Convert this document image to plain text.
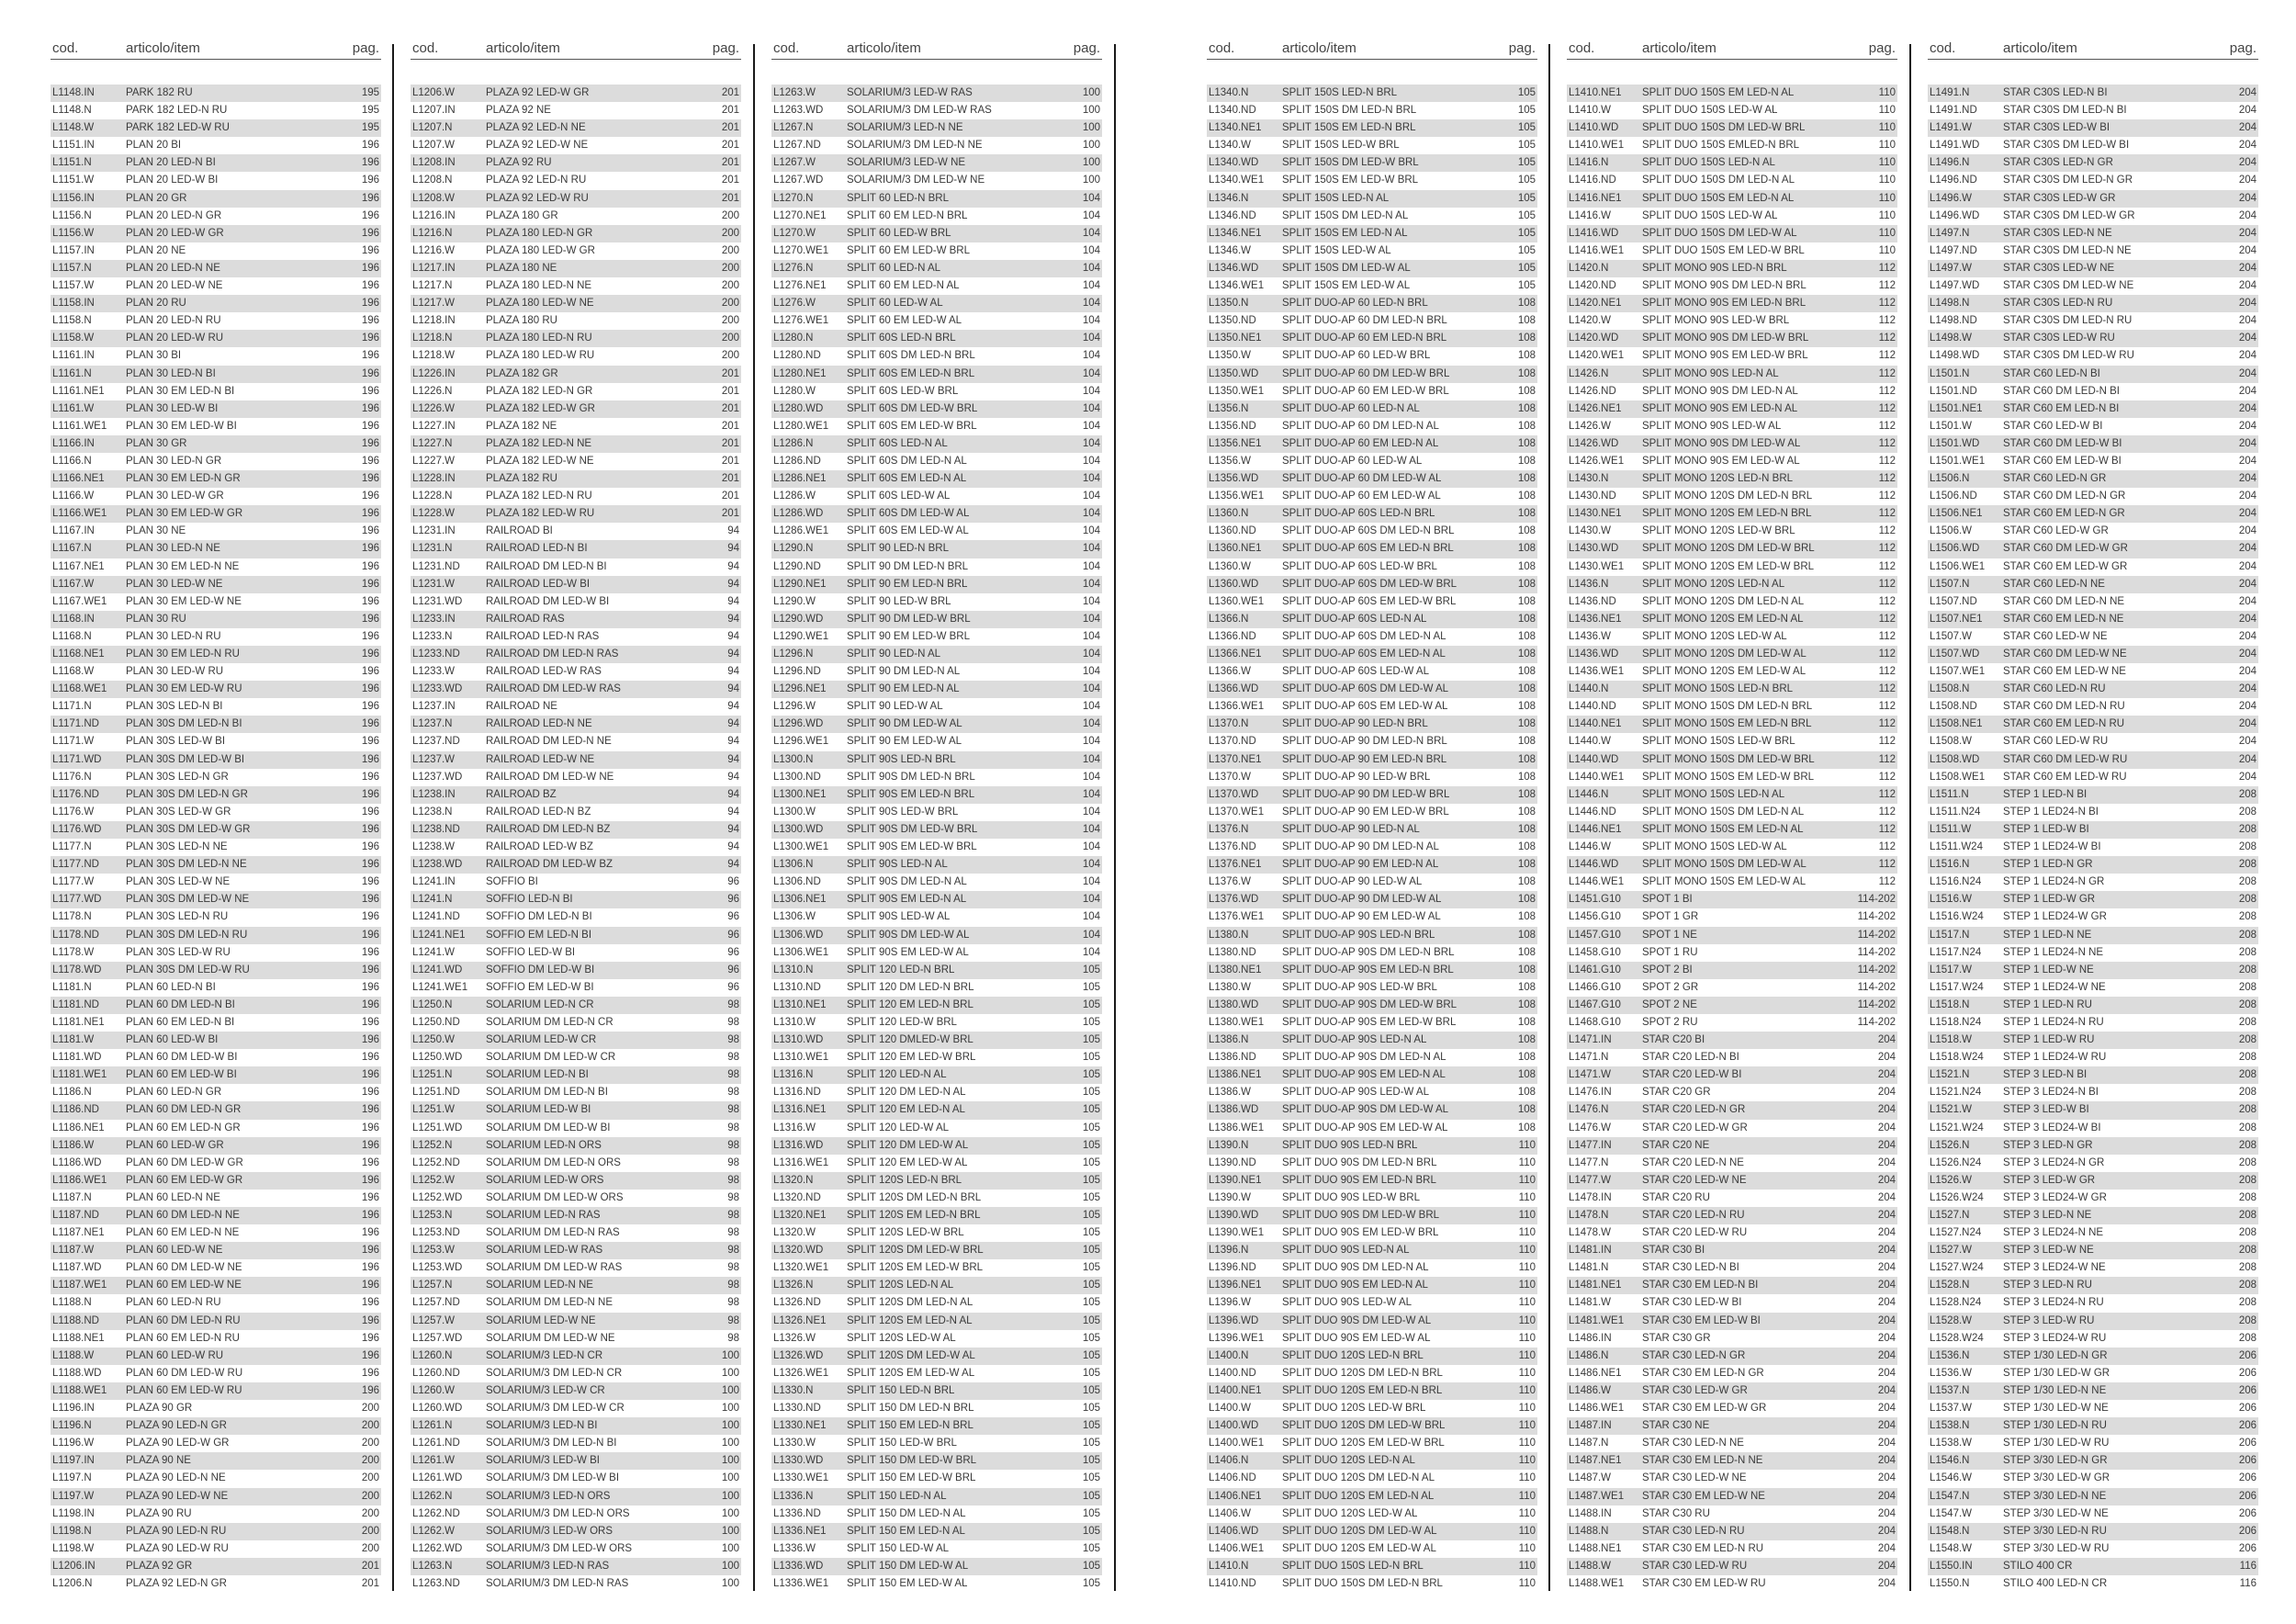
cod.	articolo/item	pag.
L1148.IN	PARK 182 RU	195
L1148.N	PARK 182 LED-N RU	195
L1148.W	PARK 182 LED-W RU	195
L1151.IN	PLAN 20 BI	196
L1151.N	PLAN 20 LED-N BI	196
L1151.W	PLAN 20 LED-W BI	196
L1156.IN	PLAN 20 GR	196
L1156.N	PLAN 20 LED-N GR	196
L1156.W	PLAN 20 LED-W GR	196
L1157.IN	PLAN 20 NE	196
L1157.N	PLAN 20 LED-N NE	196
L1157.W	PLAN 20 LED-W NE	196
L1158.IN	PLAN 20 RU	196
L1158.N	PLAN 20 LED-N RU	196
L1158.W	PLAN 20 LED-W RU	196
L1161.IN	PLAN 30 BI	196
L1161.N	PLAN 30 LED-N BI	196
L1161.NE1 PLAN 30 EM LED-N BI	196
L1161.W	PLAN 30 LED-W BI	196
L1161.WE1 PLAN 30 EM LED-W BI	196
L1166.IN	PLAN 30 GR	196
L1166.N	PLAN 30 LED-N GR	196
L1166.NE1 PLAN 30 EM LED-N GR	196
L1166.W	PLAN 30 LED-W GR	196
L1166.WE1 PLAN 30 EM LED-W GR	196
L1167.IN	PLAN 30 NE	196
L1167.N	PLAN 30 LED-N NE	196
L1167.NE1 PLAN 30 EM LED-N NE	196
L1167.W	PLAN 30 LED-W NE	196
L1167.WE1 PLAN 30 EM LED-W NE	196
L1168.IN	PLAN 30 RU	196
L1168.N	PLAN 30 LED-N RU	196
L1168.NE1 PLAN 30 EM LED-N RU	196
L1168.W	PLAN 30 LED-W RU	196
L1168.WE1 PLAN 30 EM LED-W RU	196
L1171.N	PLAN 30S LED-N BI	196
L1171.ND	PLAN 30S DM LED-N BI	196
L1171.W	PLAN 30S LED-W BI	196
L1171.WD PLAN 30S DM LED-W BI	196
L1176.N	PLAN 30S LED-N GR	196
L1176.ND	PLAN 30S DM LED-N GR	196
L1176.W	PLAN 30S LED-W GR	196
L1176.WD PLAN 30S DM LED-W GR	196
L1177.N	PLAN 30S LED-N NE	196
L1177.ND	PLAN 30S DM LED-N NE	196
L1177.W	PLAN 30S LED-W NE	196
L1177.WD PLAN 30S DM LED-W NE	196
L1178.N	PLAN 30S LED-N RU	196
L1178.ND	PLAN 30S DM LED-N RU	196
L1178.W	PLAN 30S LED-W RU	196
L1178.WD PLAN 30S DM LED-W RU	196
L1181.N	PLAN 60 LED-N BI	196
L1181.ND	PLAN 60 DM LED-N BI	196
L1181.NE1 PLAN 60 EM LED-N BI	196
L1181.W	PLAN 60 LED-W BI	196
L1181.WD PLAN 60 DM LED-W BI	196
L1181.WE1 PLAN 60 EM LED-W BI	196
L1186.N	PLAN 60 LED-N GR	196
L1186.ND	PLAN 60 DM LED-N GR	196
L1186.NE1 PLAN 60 EM LED-N GR	196
L1186.W	PLAN 60 LED-W GR	196
L1186.WD PLAN 60 DM LED-W GR	196
L1186.WE1 PLAN 60 EM LED-W GR	196
L1187.N	PLAN 60 LED-N NE	196
L1187.ND	PLAN 60 DM LED-N NE	196
L1187.NE1 PLAN 60 EM LED-N NE	196
L1187.W	PLAN 60 LED-W NE	196
L1187.WD PLAN 60 DM LED-W NE	196
L1187.WE1 PLAN 60 EM LED-W NE	196
L1188.N	PLAN 60 LED-N RU	196
L1188.ND	PLAN 60 DM LED-N RU	196
L1188.NE1 PLAN 60 EM LED-N RU	196
L1188.W	PLAN 60 LED-W RU	196
L1188.WD PLAN 60 DM LED-W RU	196
L1188.WE1 PLAN 60 EM LED-W RU	196
L1196.IN	PLAZA 90 GR	200
L1196.N	PLAZA 90 LED-N GR	200
L1196.W	PLAZA 90 LED-W GR	200
L1197.IN	PLAZA 90 NE	200
L1197.N	PLAZA 90 LED-N NE	200
L1197.W	PLAZA 90 LED-W NE	200
L1198.IN	PLAZA 90 RU	200
L1198.N	PLAZA 90 LED-N RU	200
L1198.W	PLAZA 90 LED-W RU	200
L1206.IN	PLAZA 92 GR	201
L1206.N	PLAZA 92 LED-N GR	201
cod.	articolo/item	pag.
L1206.W	PLAZA 92 LED-W GR	201
L1207.IN	PLAZA 92 NE	201
L1207.N	PLAZA 92 LED-N NE	201
L1207.W	PLAZA 92 LED-W NE	201
L1208.IN	PLAZA 92 RU	201
L1208.N	PLAZA 92 LED-N RU	201
L1208.W	PLAZA 92 LED-W RU	201
L1216.IN	PLAZA 180 GR	200
L1216.N	PLAZA 180 LED-N GR	200
L1216.W	PLAZA 180 LED-W GR	200
L1217.IN	PLAZA 180 NE	200
L1217.N	PLAZA 180 LED-N NE	200
L1217.W	PLAZA 180 LED-W NE	200
L1218.IN	PLAZA 180 RU	200
L1218.N	PLAZA 180 LED-N RU	200
L1218.W	PLAZA 180 LED-W RU	200
L1226.IN	PLAZA 182 GR	201
L1226.N	PLAZA 182 LED-N GR	201
L1226.W	PLAZA 182 LED-W GR	201
L1227.IN	PLAZA 182 NE	201
L1227.N	PLAZA 182 LED-N NE	201
L1227.W	PLAZA 182 LED-W NE	201
L1228.IN	PLAZA 182 RU	201
L1228.N	PLAZA 182 LED-N RU	201
L1228.W	PLAZA 182 LED-W RU	201
L1231.IN	RAILROAD BI	94
L1231.N	RAILROAD LED-N BI	94
L1231.ND RAILROAD DM LED-N BI	94
L1231.W	RAILROAD LED-W BI	94
L1231.WD RAILROAD DM LED-W BI	94
L1233.IN	RAILROAD RAS	94
L1233.N	RAILROAD LED-N RAS	94
L1233.ND RAILROAD DM LED-N RAS	94
L1233.W	RAILROAD LED-W RAS	94
L1233.WD RAILROAD DM LED-W RAS	94
L1237.IN	RAILROAD NE	94
L1237.N	RAILROAD LED-N NE	94
L1237.ND RAILROAD DM LED-N NE	94
L1237.W	RAILROAD LED-W NE	94
L1237.WD RAILROAD DM LED-W NE	94
L1238.IN	RAILROAD BZ	94
L1238.N	RAILROAD LED-N BZ	94
L1238.ND RAILROAD DM LED-N BZ	94
L1238.W	RAILROAD LED-W BZ	94
L1238.WD RAILROAD DM LED-W BZ	94
L1241.IN	SOFFIO BI	96
L1241.N	SOFFIO LED-N BI	96
L1241.ND SOFFIO DM LED-N BI	96
L1241.NE1 SOFFIO EM LED-N BI	96
L1241.W	SOFFIO LED-W BI	96
L1241.WD SOFFIO DM LED-W BI	96
L1241.WE1 SOFFIO EM LED-W BI	96
L1250.N	SOLARIUM LED-N CR	98
L1250.ND SOLARIUM DM LED-N CR	98
L1250.W	SOLARIUM LED-W CR	98
L1250.WD SOLARIUM DM LED-W CR	98
L1251.N	SOLARIUM LED-N BI	98
L1251.ND SOLARIUM DM LED-N BI	98
L1251.W	SOLARIUM LED-W BI	98
L1251.WD SOLARIUM DM LED-W BI	98
L1252.N	SOLARIUM LED-N ORS	98
L1252.ND SOLARIUM DM LED-N ORS	98
L1252.W	SOLARIUM LED-W ORS	98
L1252.WD SOLARIUM DM LED-W ORS	98
L1253.N	SOLARIUM LED-N RAS	98
L1253.ND SOLARIUM DM LED-N RAS	98
L1253.W	SOLARIUM LED-W RAS	98
L1253.WD SOLARIUM DM LED-W RAS	98
L1257.N	SOLARIUM LED-N NE	98
L1257.ND SOLARIUM DM LED-N NE	98
L1257.W	SOLARIUM LED-W NE	98
L1257.WD SOLARIUM DM LED-W NE	98
L1260.N	SOLARIUM/3 LED-N CR	100
L1260.ND SOLARIUM/3 DM LED-N CR	100
L1260.W	SOLARIUM/3 LED-W CR	100
L1260.WD SOLARIUM/3 DM LED-W CR	100
L1261.N	SOLARIUM/3 LED-N BI	100
L1261.ND SOLARIUM/3 DM LED-N BI	100
L1261.W	SOLARIUM/3 LED-W BI	100
L1261.WD SOLARIUM/3 DM LED-W BI	100
L1262.N	SOLARIUM/3 LED-N ORS	100
L1262.ND SOLARIUM/3 DM LED-N ORS	100
L1262.W	SOLARIUM/3 LED-W ORS	100
L1262.WD SOLARIUM/3 DM LED-W ORS	100
L1263.N	SOLARIUM/3 LED-N RAS	100
L1263.ND SOLARIUM/3 DM LED-N RAS	100
cod.	articolo/item	pag.
L1263.W	SOLARIUM/3 LED-W RAS	100
L1263.WD SOLARIUM/3 DM LED-W RAS	100
L1267.N	SOLARIUM/3 LED-N NE	100
L1267.ND SOLARIUM/3 DM LED-N NE	100
L1267.W	SOLARIUM/3 LED-W NE	100
L1267.WD SOLARIUM/3 DM LED-W NE	100
L1270.N	SPLIT 60 LED-N BRL	104
L1270.NE1 SPLIT 60 EM LED-N BRL	104
L1270.W	SPLIT 60 LED-W BRL	104
L1270.WE1 SPLIT 60 EM LED-W BRL	104
L1276.N	SPLIT 60 LED-N AL	104
L1276.NE1 SPLIT 60 EM LED-N AL	104
L1276.W	SPLIT 60 LED-W AL	104
L1276.WE1 SPLIT 60 EM LED-W AL	104
L1280.N	SPLIT 60S LED-N BRL	104
L1280.ND SPLIT 60S DM LED-N BRL	104
L1280.NE1 SPLIT 60S EM LED-N BRL	104
L1280.W	SPLIT 60S LED-W BRL	104
L1280.WD SPLIT 60S DM LED-W BRL	104
L1280.WE1 SPLIT 60S EM LED-W BRL	104
L1286.N	SPLIT 60S LED-N AL	104
L1286.ND SPLIT 60S DM LED-N AL	104
L1286.NE1 SPLIT 60S EM LED-N AL	104
L1286.W	SPLIT 60S LED-W AL	104
L1286.WD SPLIT 60S DM LED-W AL	104
L1286.WE1 SPLIT 60S EM LED-W AL	104
L1290.N	SPLIT 90 LED-N BRL	104
L1290.ND SPLIT 90 DM LED-N BRL	104
L1290.NE1 SPLIT 90 EM LED-N BRL	104
L1290.W	SPLIT 90 LED-W BRL	104
L1290.WD SPLIT 90 DM LED-W BRL	104
L1290.WE1 SPLIT 90 EM LED-W BRL	104
L1296.N	SPLIT 90 LED-N AL	104
L1296.ND SPLIT 90 DM LED-N AL	104
L1296.NE1 SPLIT 90 EM LED-N AL	104
L1296.W	SPLIT 90 LED-W AL	104
L1296.WD SPLIT 90 DM LED-W AL	104
L1296.WE1 SPLIT 90 EM LED-W AL	104
L1300.N	SPLIT 90S LED-N BRL	104
L1300.ND SPLIT 90S DM LED-N BRL	104
L1300.NE1 SPLIT 90S EM LED-N BRL	104
L1300.W	SPLIT 90S LED-W BRL	104
L1300.WD SPLIT 90S DM LED-W BRL	104
L1300.WE1 SPLIT 90S EM LED-W BRL	104
L1306.N	SPLIT 90S LED-N AL	104
L1306.ND SPLIT 90S DM LED-N AL	104
L1306.NE1 SPLIT 90S EM LED-N AL	104
L1306.W	SPLIT 90S LED-W AL	104
L1306.WD SPLIT 90S DM LED-W AL	104
L1306.WE1 SPLIT 90S EM LED-W AL	104
L1310.N	SPLIT 120 LED-N BRL	105
L1310.ND SPLIT 120 DM LED-N BRL	105
L1310.NE1 SPLIT 120 EM LED-N BRL	105
L1310.W	SPLIT 120 LED-W BRL	105
L1310.WD SPLIT 120 DMLED-W BRL	105
L1310.WE1 SPLIT 120 EM LED-W BRL	105
L1316.N	SPLIT 120 LED-N AL	105
L1316.ND SPLIT 120 DM LED-N AL	105
L1316.NE1 SPLIT 120 EM LED-N AL	105
L1316.W	SPLIT 120 LED-W AL	105
L1316.WD SPLIT 120 DM LED-W AL	105
L1316.WE1 SPLIT 120 EM LED-W AL	105
L1320.N	SPLIT 120S LED-N BRL	105
L1320.ND SPLIT 120S DM LED-N BRL	105
L1320.NE1 SPLIT 120S EM LED-N BRL	105
L1320.W	SPLIT 120S LED-W BRL	105
L1320.WD SPLIT 120S DM LED-W BRL	105
L1320.WE1 SPLIT 120S EM LED-W BRL	105
L1326.N	SPLIT 120S LED-N AL	105
L1326.ND SPLIT 120S DM LED-N AL	105
L1326.NE1 SPLIT 120S EM LED-N AL	105
L1326.W	SPLIT 120S LED-W AL	105
L1326.WD SPLIT 120S DM LED-W AL	105
L1326.WE1 SPLIT 120S EM LED-W AL	105
L1330.N	SPLIT 150 LED-N BRL	105
L1330.ND SPLIT 150 DM LED-N BRL	105
L1330.NE1 SPLIT 150 EM LED-N BRL	105
L1330.W	SPLIT 150 LED-W BRL	105
L1330.WD SPLIT 150 DM LED-W BRL	105
L1330.WE1 SPLIT 150 EM LED-W BRL	105
L1336.N	SPLIT 150 LED-N AL	105
L1336.ND SPLIT 150 DM LED-N AL	105
L1336.NE1 SPLIT 150 EM LED-N AL	105
L1336.W	SPLIT 150 LED-W AL	105
L1336.WD SPLIT 150 DM LED-W AL	105
L1336.WE1 SPLIT 150 EM LED-W AL	105
cod.	articolo/item	pag.
L1340.N	SPLIT 150S LED-N BRL	105
L1340.ND SPLIT 150S DM LED-N BRL	105
L1340.NE1 SPLIT 150S EM LED-N BRL	105
L1340.W	SPLIT 150S LED-W BRL	105
L1340.WD SPLIT 150S DM LED-W BRL	105
L1340.WE1 SPLIT 150S EM LED-W BRL	105
L1346.N	SPLIT 150S LED-N AL	105
L1346.ND SPLIT 150S DM LED-N AL	105
L1346.NE1 SPLIT 150S EM LED-N AL	105
L1346.W	SPLIT 150S LED-W AL	105
L1346.WD SPLIT 150S DM LED-W AL	105
L1346.WE1 SPLIT 150S EM LED-W AL	105
L1350.N	SPLIT DUO-AP 60 LED-N BRL	108
L1350.ND SPLIT DUO-AP 60 DM LED-N BRL	108
L1350.NE1 SPLIT DUO-AP 60 EM LED-N BRL	108
L1350.W	SPLIT DUO-AP 60 LED-W BRL	108
L1350.WD SPLIT DUO-AP 60 DM LED-W BRL	108
L1350.WE1 SPLIT DUO-AP 60 EM LED-W BRL	108
L1356.N	SPLIT DUO-AP 60 LED-N AL	108
L1356.ND SPLIT DUO-AP 60 DM LED-N AL	108
L1356.NE1 SPLIT DUO-AP 60 EM LED-N AL	108
L1356.W	SPLIT DUO-AP 60 LED-W AL	108
L1356.WD SPLIT DUO-AP 60 DM LED-W AL	108
L1356.WE1 SPLIT DUO-AP 60 EM LED-W AL	108
L1360.N	SPLIT DUO-AP 60S LED-N BRL	108
L1360.ND SPLIT DUO-AP 60S DM LED-N BRL	108
L1360.NE1 SPLIT DUO-AP 60S EM LED-N BRL	108
L1360.W	SPLIT DUO-AP 60S LED-W BRL	108
L1360.WD SPLIT DUO-AP 60S DM LED-W BRL	108
L1360.WE1 SPLIT DUO-AP 60S EM LED-W BRL	108
L1366.N	SPLIT DUO-AP 60S LED-N AL	108
L1366.ND SPLIT DUO-AP 60S DM LED-N AL	108
L1366.NE1 SPLIT DUO-AP 60S EM LED-N AL	108
L1366.W	SPLIT DUO-AP 60S LED-W AL	108
L1366.WD SPLIT DUO-AP 60S DM LED-W AL	108
L1366.WE1 SPLIT DUO-AP 60S EM LED-W AL	108
L1370.N	SPLIT DUO-AP 90 LED-N BRL	108
L1370.ND SPLIT DUO-AP 90 DM LED-N BRL	108
L1370.NE1 SPLIT DUO-AP 90 EM LED-N BRL	108
L1370.W	SPLIT DUO-AP 90 LED-W BRL	108
L1370.WD SPLIT DUO-AP 90 DM LED-W BRL	108
L1370.WE1 SPLIT DUO-AP 90 EM LED-W BRL	108
L1376.N	SPLIT DUO-AP 90 LED-N AL	108
L1376.ND SPLIT DUO-AP 90 DM LED-N AL	108
L1376.NE1 SPLIT DUO-AP 90 EM LED-N AL	108
L1376.W	SPLIT DUO-AP 90 LED-W AL	108
L1376.WD SPLIT DUO-AP 90 DM LED-W AL	108
L1376.WE1 SPLIT DUO-AP 90 EM LED-W AL	108
L1380.N	SPLIT DUO-AP 90S LED-N BRL	108
L1380.ND SPLIT DUO-AP 90S DM LED-N BRL	108
L1380.NE1 SPLIT DUO-AP 90S EM LED-N BRL	108
L1380.W	SPLIT DUO-AP 90S LED-W BRL	108
L1380.WD SPLIT DUO-AP 90S DM LED-W BRL	108
L1380.WE1 SPLIT DUO-AP 90S EM LED-W BRL	108
L1386.N	SPLIT DUO-AP 90S LED-N AL	108
L1386.ND SPLIT DUO-AP 90S DM LED-N AL	108
L1386.NE1 SPLIT DUO-AP 90S EM LED-N AL	108
L1386.W	SPLIT DUO-AP 90S LED-W AL	108
L1386.WD SPLIT DUO-AP 90S DM LED-W AL	108
L1386.WE1 SPLIT DUO-AP 90S EM LED-W AL	108
L1390.N	SPLIT DUO 90S LED-N BRL	110
L1390.ND SPLIT DUO 90S DM LED-N BRL	110
L1390.NE1 SPLIT DUO 90S EM LED-N BRL	110
L1390.W	SPLIT DUO 90S LED-W BRL	110
L1390.WD SPLIT DUO 90S DM LED-W BRL	110
L1390.WE1 SPLIT DUO 90S EM LED-W BRL	110
L1396.N	SPLIT DUO 90S LED-N AL	110
L1396.ND SPLIT DUO 90S DM LED-N AL	110
L1396.NE1 SPLIT DUO 90S EM LED-N AL	110
L1396.W	SPLIT DUO 90S LED-W AL	110
L1396.WD SPLIT DUO 90S DM LED-W AL	110
L1396.WE1 SPLIT DUO 90S EM LED-W AL	110
L1400.N	SPLIT DUO 120S LED-N BRL	110
L1400.ND SPLIT DUO 120S DM LED-N BRL	110
L1400.NE1 SPLIT DUO 120S EM LED-N BRL	110
L1400.W	SPLIT DUO 120S LED-W BRL	110
L1400.WD SPLIT DUO 120S DM LED-W BRL	110
L1400.WE1 SPLIT DUO 120S EM LED-W BRL	110
L1406.N	SPLIT DUO 120S LED-N AL	110
L1406.ND SPLIT DUO 120S DM LED-N AL	110
L1406.NE1 SPLIT DUO 120S EM LED-N AL	110
L1406.W	SPLIT DUO 120S LED-W AL	110
L1406.WD SPLIT DUO 120S DM LED-W AL	110
L1406.WE1 SPLIT DUO 120S EM LED-W AL	110
L1410.N	SPLIT DUO 150S LED-N BRL	110
L1410.ND SPLIT DUO 150S DM LED-N BRL	110
cod.	articolo/item	pag.
L1410.NE1 SPLIT DUO 150S EM LED-N AL	110
L1410.W	SPLIT DUO 150S LED-W AL	110
L1410.WD SPLIT DUO 150S DM LED-W BRL	110
L1410.WE1 SPLIT DUO 150S EMLED-N BRL	110
L1416.N	SPLIT DUO 150S LED-N AL	110
L1416.ND SPLIT DUO 150S DM LED-N AL	110
L1416.NE1 SPLIT DUO 150S EM LED-N AL	110
L1416.W	SPLIT DUO 150S LED-W AL	110
L1416.WD SPLIT DUO 150S DM LED-W AL	110
L1416.WE1 SPLIT DUO 150S EM LED-W BRL	110
L1420.N	SPLIT MONO 90S LED-N BRL	112
L1420.ND SPLIT MONO 90S DM LED-N BRL	112
L1420.NE1 SPLIT MONO 90S EM LED-N BRL	112
L1420.W	SPLIT MONO 90S LED-W BRL	112
L1420.WD SPLIT MONO 90S DM LED-W BRL	112
L1420.WE1 SPLIT MONO 90S EM LED-W BRL	112
L1426.N	SPLIT MONO 90S LED-N AL	112
L1426.ND SPLIT MONO 90S DM LED-N AL	112
L1426.NE1 SPLIT MONO 90S EM LED-N AL	112
L1426.W	SPLIT MONO 90S LED-W AL	112
L1426.WD SPLIT MONO 90S DM LED-W AL	112
L1426.WE1 SPLIT MONO 90S EM LED-W AL	112
L1430.N	SPLIT MONO 120S LED-N BRL	112
L1430.ND SPLIT MONO 120S DM LED-N BRL	112
L1430.NE1 SPLIT MONO 120S EM LED-N BRL	112
L1430.W	SPLIT MONO 120S LED-W BRL	112
L1430.WD SPLIT MONO 120S DM LED-W BRL	112
L1430.WE1 SPLIT MONO 120S EM LED-W BRL	112
L1436.N	SPLIT MONO 120S LED-N AL	112
L1436.ND SPLIT MONO 120S DM LED-N AL	112
L1436.NE1 SPLIT MONO 120S EM LED-N AL	112
L1436.W	SPLIT MONO 120S LED-W AL	112
L1436.WD SPLIT MONO 120S DM LED-W AL	112
L1436.WE1 SPLIT MONO 120S EM LED-W AL	112
L1440.N	SPLIT MONO 150S LED-N BRL	112
L1440.ND SPLIT MONO 150S DM LED-N BRL	112
L1440.NE1 SPLIT MONO 150S EM LED-N BRL	112
L1440.W	SPLIT MONO 150S LED-W BRL	112
L1440.WD SPLIT MONO 150S DM LED-W BRL	112
L1440.WE1 SPLIT MONO 150S EM LED-W BRL	112
L1446.N	SPLIT MONO 150S LED-N AL	112
L1446.ND SPLIT MONO 150S DM LED-N AL	112
L1446.NE1 SPLIT MONO 150S EM LED-N AL	112
L1446.W	SPLIT MONO 150S LED-W AL	112
L1446.WD SPLIT MONO 150S DM LED-W AL	112
L1446.WE1 SPLIT MONO 150S EM LED-W AL	112
L1451.G10 SPOT 1 BI	114-202
L1456.G10 SPOT 1 GR	114-202
L1457.G10 SPOT 1 NE	114-202
L1458.G10 SPOT 1 RU	114-202
L1461.G10 SPOT 2 BI	114-202
L1466.G10 SPOT 2 GR	114-202
L1467.G10 SPOT 2 NE	114-202
L1468.G10 SPOT 2 RU	114-202
L1471.IN	STAR C20 BI	204
L1471.N	STAR C20 LED-N BI	204
L1471.W	STAR C20 LED-W BI	204
L1476.IN	STAR C20 GR	204
L1476.N	STAR C20 LED-N GR	204
L1476.W	STAR C20 LED-W GR	204
L1477.IN	STAR C20 NE	204
L1477.N	STAR C20 LED-N NE	204
L1477.W	STAR C20 LED-W NE	204
L1478.IN	STAR C20 RU	204
L1478.N	STAR C20 LED-N RU	204
L1478.W	STAR C20 LED-W RU	204
L1481.IN	STAR C30 BI	204
L1481.N	STAR C30 LED-N BI	204
L1481.NE1 STAR C30 EM LED-N BI	204
L1481.W	STAR C30 LED-W BI	204
L1481.WE1 STAR C30 EM LED-W BI	204
L1486.IN	STAR C30 GR	204
L1486.N	STAR C30 LED-N GR	204
L1486.NE1 STAR C30 EM LED-N GR	204
L1486.W	STAR C30 LED-W GR	204
L1486.WE1 STAR C30 EM LED-W GR	204
L1487.IN	STAR C30 NE	204
L1487.N	STAR C30 LED-N NE	204
L1487.NE1 STAR C30 EM LED-N NE	204
L1487.W	STAR C30 LED-W NE	204
L1487.WE1 STAR C30 EM LED-W NE	204
L1488.IN	STAR C30 RU	204
L1488.N	STAR C30 LED-N RU	204
L1488.NE1 STAR C30 EM LED-N RU	204
L1488.W	STAR C30 LED-W RU	204
L1488.WE1 STAR C30 EM LED-W RU	204
cod.	articolo/item	pag.
L1491.N	STAR C30S LED-N BI	204
L1491.ND STAR C30S DM LED-N BI	204
L1491.W	STAR C30S LED-W BI	204
L1491.WD STAR C30S DM LED-W BI	204
L1496.N	STAR C30S LED-N GR	204
L1496.ND STAR C30S DM LED-N GR	204
L1496.W	STAR C30S LED-W GR	204
L1496.WD STAR C30S DM LED-W GR	204
L1497.N	STAR C30S LED-N NE	204
L1497.ND STAR C30S DM LED-N NE	204
L1497.W	STAR C30S LED-W NE	204
L1497.WD STAR C30S DM LED-W NE	204
L1498.N	STAR C30S LED-N RU	204
L1498.ND STAR C30S DM LED-N RU	204
L1498.W	STAR C30S LED-W RU	204
L1498.WD STAR C30S DM LED-W RU	204
L1501.N	STAR C60 LED-N BI	204
L1501.ND STAR C60 DM LED-N BI	204
L1501.NE1 STAR C60 EM LED-N BI	204
L1501.W	STAR C60 LED-W BI	204
L1501.WD STAR C60 DM LED-W BI	204
L1501.WE1 STAR C60 EM LED-W BI	204
L1506.N	STAR C60 LED-N GR	204
L1506.ND STAR C60 DM LED-N GR	204
L1506.NE1 STAR C60 EM LED-N GR	204
L1506.W	STAR C60 LED-W GR	204
L1506.WD STAR C60 DM LED-W GR	204
L1506.WE1 STAR C60 EM LED-W GR	204
L1507.N	STAR C60 LED-N NE	204
L1507.ND STAR C60 DM LED-N NE	204
L1507.NE1 STAR C60 EM LED-N NE	204
L1507.W	STAR C60 LED-W NE	204
L1507.WD STAR C60 DM LED-W NE	204
L1507.WE1 STAR C60 EM LED-W NE	204
L1508.N	STAR C60 LED-N RU	204
L1508.ND STAR C60 DM LED-N RU	204
L1508.NE1 STAR C60 EM LED-N RU	204
L1508.W	STAR C60 LED-W RU	204
L1508.WD STAR C60 DM LED-W RU	204
L1508.WE1 STAR C60 EM LED-W RU	204
L1511.N	STEP 1 LED-N BI	208
L1511.N24 STEP 1 LED24-N BI	208
L1511.W	STEP 1 LED-W BI	208
L1511.W24 STEP 1 LED24-W BI	208
L1516.N	STEP 1 LED-N GR	208
L1516.N24 STEP 1 LED24-N GR	208
L1516.W	STEP 1 LED-W GR	208
L1516.W24 STEP 1 LED24-W GR	208
L1517.N	STEP 1 LED-N NE	208
L1517.N24 STEP 1 LED24-N NE	208
L1517.W	STEP 1 LED-W NE	208
L1517.W24 STEP 1 LED24-W NE	208
L1518.N	STEP 1 LED-N RU	208
L1518.N24 STEP 1 LED24-N RU	208
L1518.W	STEP 1 LED-W RU	208
L1518.W24 STEP 1 LED24-W RU	208
L1521.N	STEP 3 LED-N BI	208
L1521.N24 STEP 3 LED24-N BI	208
L1521.W	STEP 3 LED-W BI	208
L1521.W24 STEP 3 LED24-W BI	208
L1526.N	STEP 3 LED-N GR	208
L1526.N24 STEP 3 LED24-N GR	208
L1526.W	STEP 3 LED-W GR	208
L1526.W24 STEP 3 LED24-W GR	208
L1527.N	STEP 3 LED-N NE	208
L1527.N24 STEP 3 LED24-N NE	208
L1527.W	STEP 3 LED-W NE	208
L1527.W24 STEP 3 LED24-W NE	208
L1528.N	STEP 3 LED-N RU	208
L1528.N24 STEP 3 LED24-N RU	208
L1528.W	STEP 3 LED-W RU	208
L1528.W24 STEP 3 LED24-W RU	208
L1536.N	STEP 1/30 LED-N GR	206
L1536.W	STEP 1/30 LED-W GR	206
L1537.N	STEP 1/30 LED-N NE	206
L1537.W	STEP 1/30 LED-W NE	206
L1538.N	STEP 1/30 LED-N RU	206
L1538.W	STEP 1/30 LED-W RU	206
L1546.N	STEP 3/30 LED-N GR	206
L1546.W	STEP 3/30 LED-W GR	206
L1547.N	STEP 3/30 LED-N NE	206
L1547.W	STEP 3/30 LED-W NE	206
L1548.N	STEP 3/30 LED-N RU	206
L1548.W	STEP 3/30 LED-W RU	206
L1550.IN	STILO 400 CR	116
L1550.N	STILO 400 LED-N CR	116
